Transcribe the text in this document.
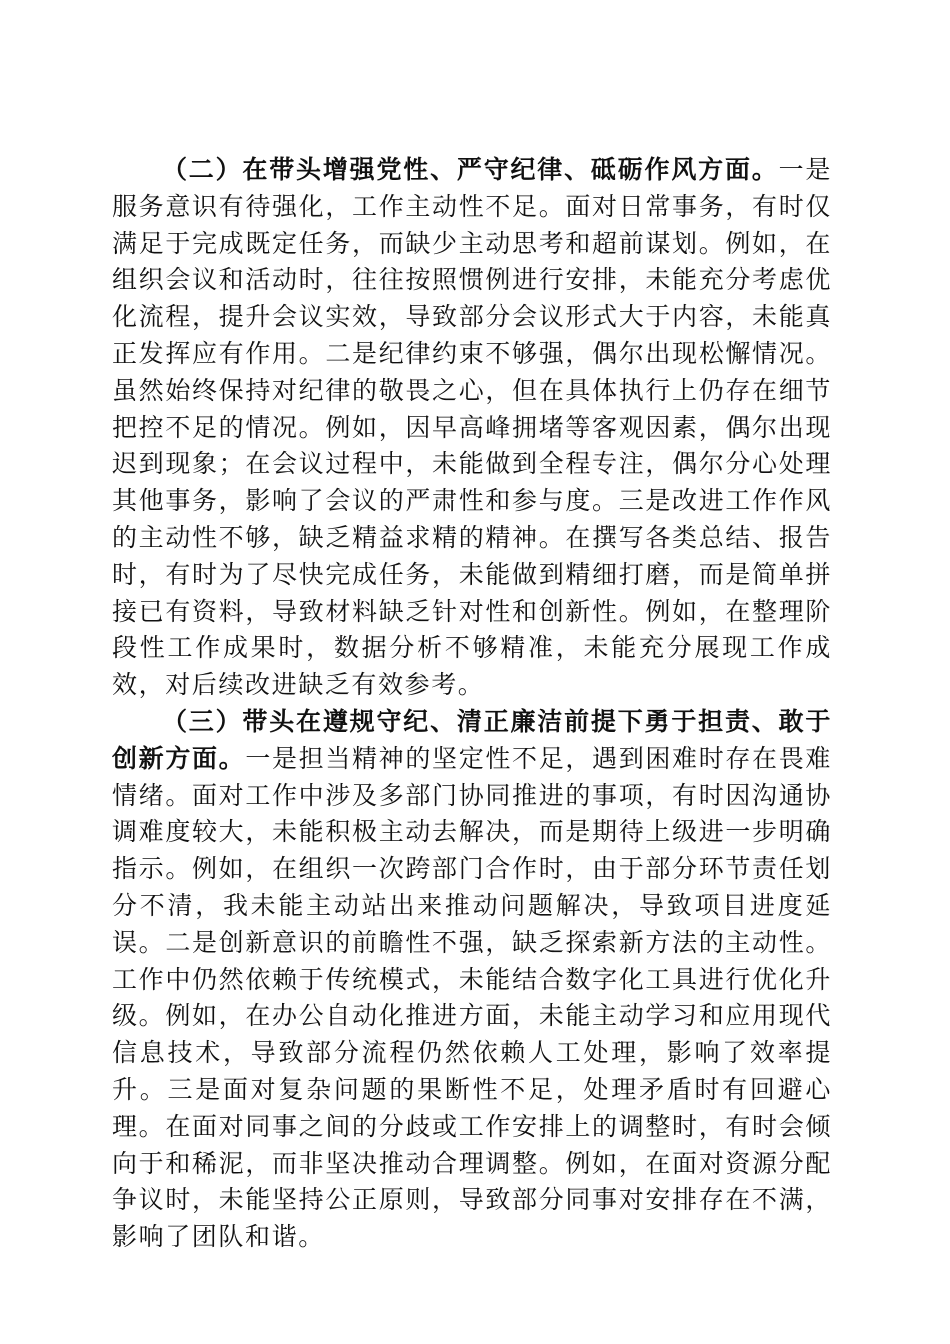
（二）在带头增强党性、严守纪律、砥砺作风方面。一是服务意识有待强化，工作主动性不足。面对日常事务，有时仅满足于完成既定任务，而缺少主动思考和超前谋划。例如，在组织会议和活动时，往往按照惯例进行安排，未能充分考虑优化流程，提升会议实效，导致部分会议形式大于内容，未能真正发挥应有作用。二是纪律约束不够强，偶尔出现松懈情况。虽然始终保持对纪律的敬畏之心，但在具体执行上仍存在细节把控不足的情况。例如，因早高峰拥堵等客观因素，偶尔出现迟到现象；在会议过程中，未能做到全程专注，偶尔分心处理其他事务，影响了会议的严肃性和参与度。三是改进工作作风的主动性不够，缺乏精益求精的精神。在撰写各类总结、报告时，有时为了尽快完成任务，未能做到精细打磨，而是简单拼接已有资料，导致材料缺乏针对性和创新性。例如，在整理阶段性工作成果时，数据分析不够精准，未能充分展现工作成效，对后续改进缺乏有效参考。

（三）带头在遵规守纪、清正廉洁前提下勇于担责、敢于创新方面。一是担当精神的坚定性不足，遇到困难时存在畏难情绪。面对工作中涉及多部门协同推进的事项，有时因沟通协调难度较大，未能积极主动去解决，而是期待上级进一步明确指示。例如，在组织一次跨部门合作时，由于部分环节责任划分不清，我未能主动站出来推动问题解决，导致项目进度延误。二是创新意识的前瞻性不强，缺乏探索新方法的主动性。工作中仍然依赖于传统模式，未能结合数字化工具进行优化升级。例如，在办公自动化推进方面，未能主动学习和应用现代信息技术，导致部分流程仍然依赖人工处理，影响了效率提升。三是面对复杂问题的果断性不足，处理矛盾时有回避心理。在面对同事之间的分歧或工作安排上的调整时，有时会倾向于和稀泥，而非坚决推动合理调整。例如，在面对资源分配争议时，未能坚持公正原则，导致部分同事对安排存在不满，影响了团队和谐。
